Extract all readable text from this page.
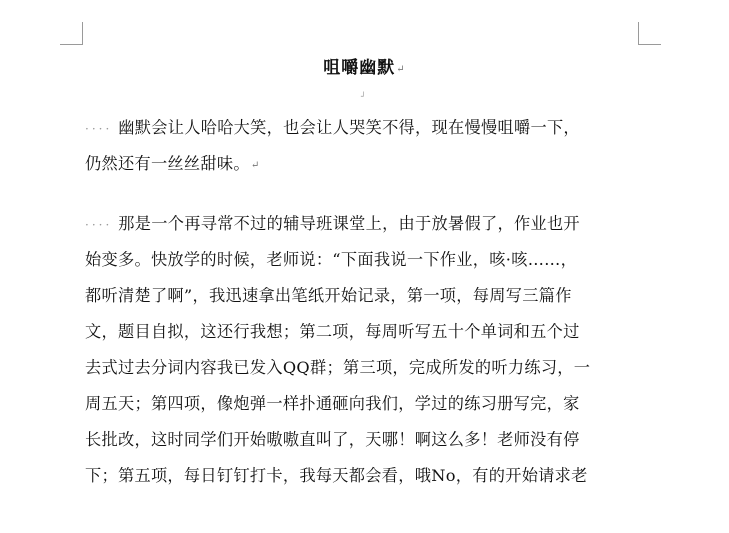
咀嚼幽默↵
┘
···· 幽默会让人哈哈大笑，也会让人哭笑不得，现在慢慢咀嚼一下，
仍然还有一丝丝甜味。↵
···· 那是一个再寻常不过的辅导班课堂上，由于放暑假了，作业也开
始变多。快放学的时候，老师说：“下面我说一下作业，咳·咳……，
都听清楚了啊”，我迅速拿出笔纸开始记录，第一项，每周写三篇作
文，题目自拟，这还行我想；第二项，每周听写五十个单词和五个过
去式过去分词内容我已发入QQ群；第三项，完成所发的听力练习，一
周五天；第四项，像炮弹一样扑通砸向我们，学过的练习册写完，家
长批改，这时同学们开始嗷嗷直叫了，天哪！啊这么多！老师没有停
下；第五项，每日钉钉打卡，我每天都会看，哦No，有的开始请求老
